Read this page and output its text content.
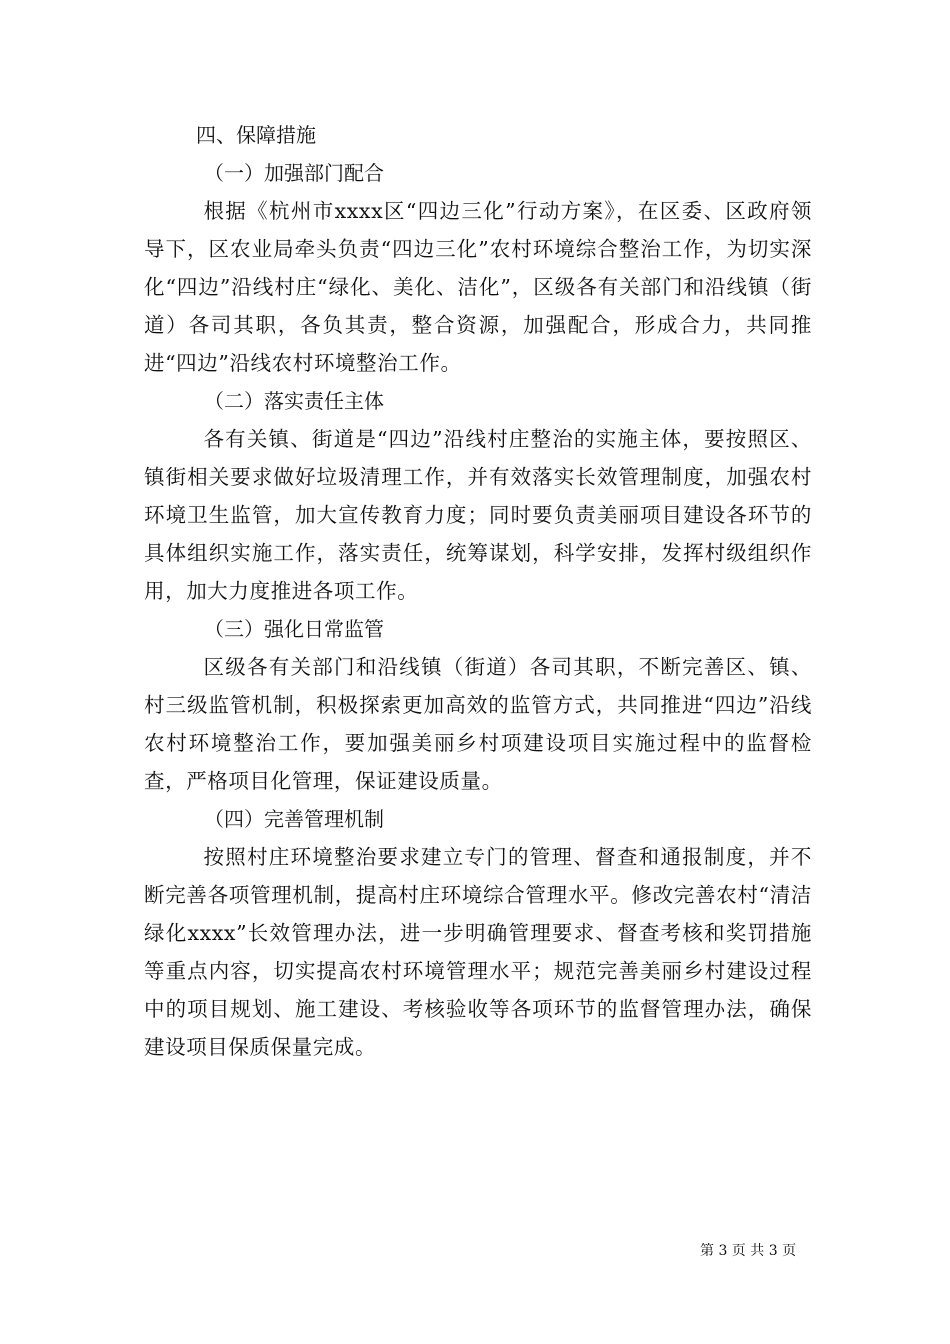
四、保障措施
（一）加强部门配合

根据《杭州市xxxx区“四边三化”行动方案》，在区委、区政府领导下，区农业局牵头负责“四边三化”农村环境综合整治工作，为切实深化“四边”沿线村庄“绿化、美化、洁化”，区级各有关部门和沿线镇（街道）各司其职，各负其责，整合资源，加强配合，形成合力，共同推进“四边”沿线农村环境整治工作。

（二）落实责任主体

各有关镇、街道是“四边”沿线村庄整治的实施主体，要按照区、镇街相关要求做好垃圾清理工作，并有效落实长效管理制度，加强农村环境卫生监管，加大宣传教育力度；同时要负责美丽项目建设各环节的具体组织实施工作，落实责任，统筹谋划，科学安排，发挥村级组织作用，加大力度推进各项工作。

（三）强化日常监管

区级各有关部门和沿线镇（街道）各司其职，不断完善区、镇、村三级监管机制，积极探索更加高效的监管方式，共同推进“四边”沿线农村环境整治工作，要加强美丽乡村项建设项目实施过程中的监督检查，严格项目化管理，保证建设质量。

（四）完善管理机制

按照村庄环境整治要求建立专门的管理、督查和通报制度，并不断完善各项管理机制，提高村庄环境综合管理水平。修改完善农村“清洁绿化xxxx”长效管理办法，进一步明确管理要求、督查考核和奖罚措施等重点内容，切实提高农村环境管理水平；规范完善美丽乡村建设过程中的项目规划、施工建设、考核验收等各项环节的监督管理办法，确保建设项目保质保量完成。

第 3 页 共 3 页
